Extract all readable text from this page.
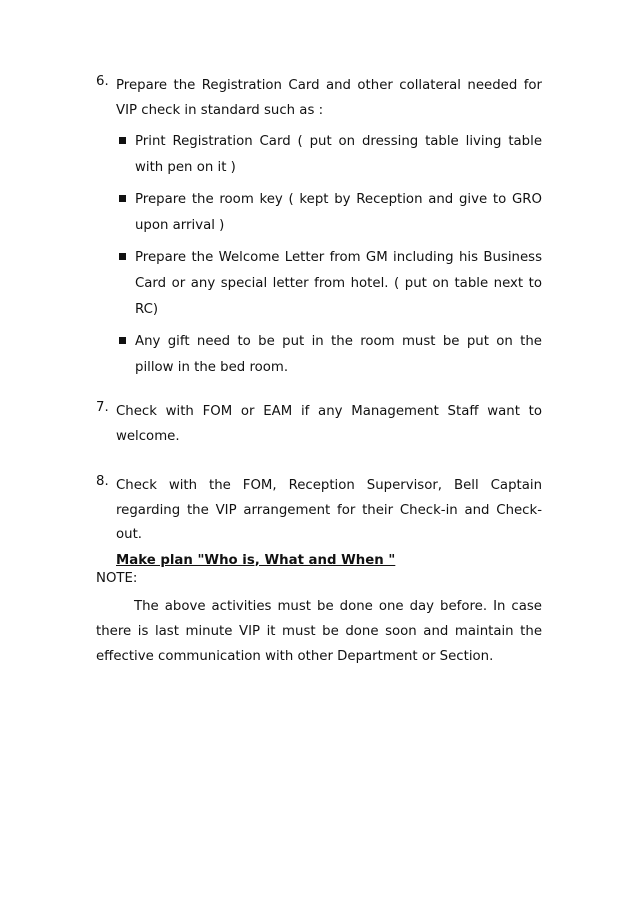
6. Prepare the Registration Card and other collateral needed for VIP check in standard such as :
Print Registration Card ( put on dressing table living table with pen on it )
Prepare the room key ( kept by Reception and give to GRO upon arrival )
Prepare the Welcome Letter from GM including his Business Card or any special letter from hotel. ( put on table next to RC)
Any gift need to be put in the room must be put on the pillow in the bed room.
7. Check with FOM or EAM if any Management Staff want to welcome.
8. Check with the FOM, Reception Supervisor, Bell Captain regarding the VIP arrangement for their Check-in and Check-out.
Make plan "Who is, What and When "
NOTE:
The above activities must be done one day before. In case there is last minute VIP it must be done soon and maintain the effective communication with other Department or Section.
